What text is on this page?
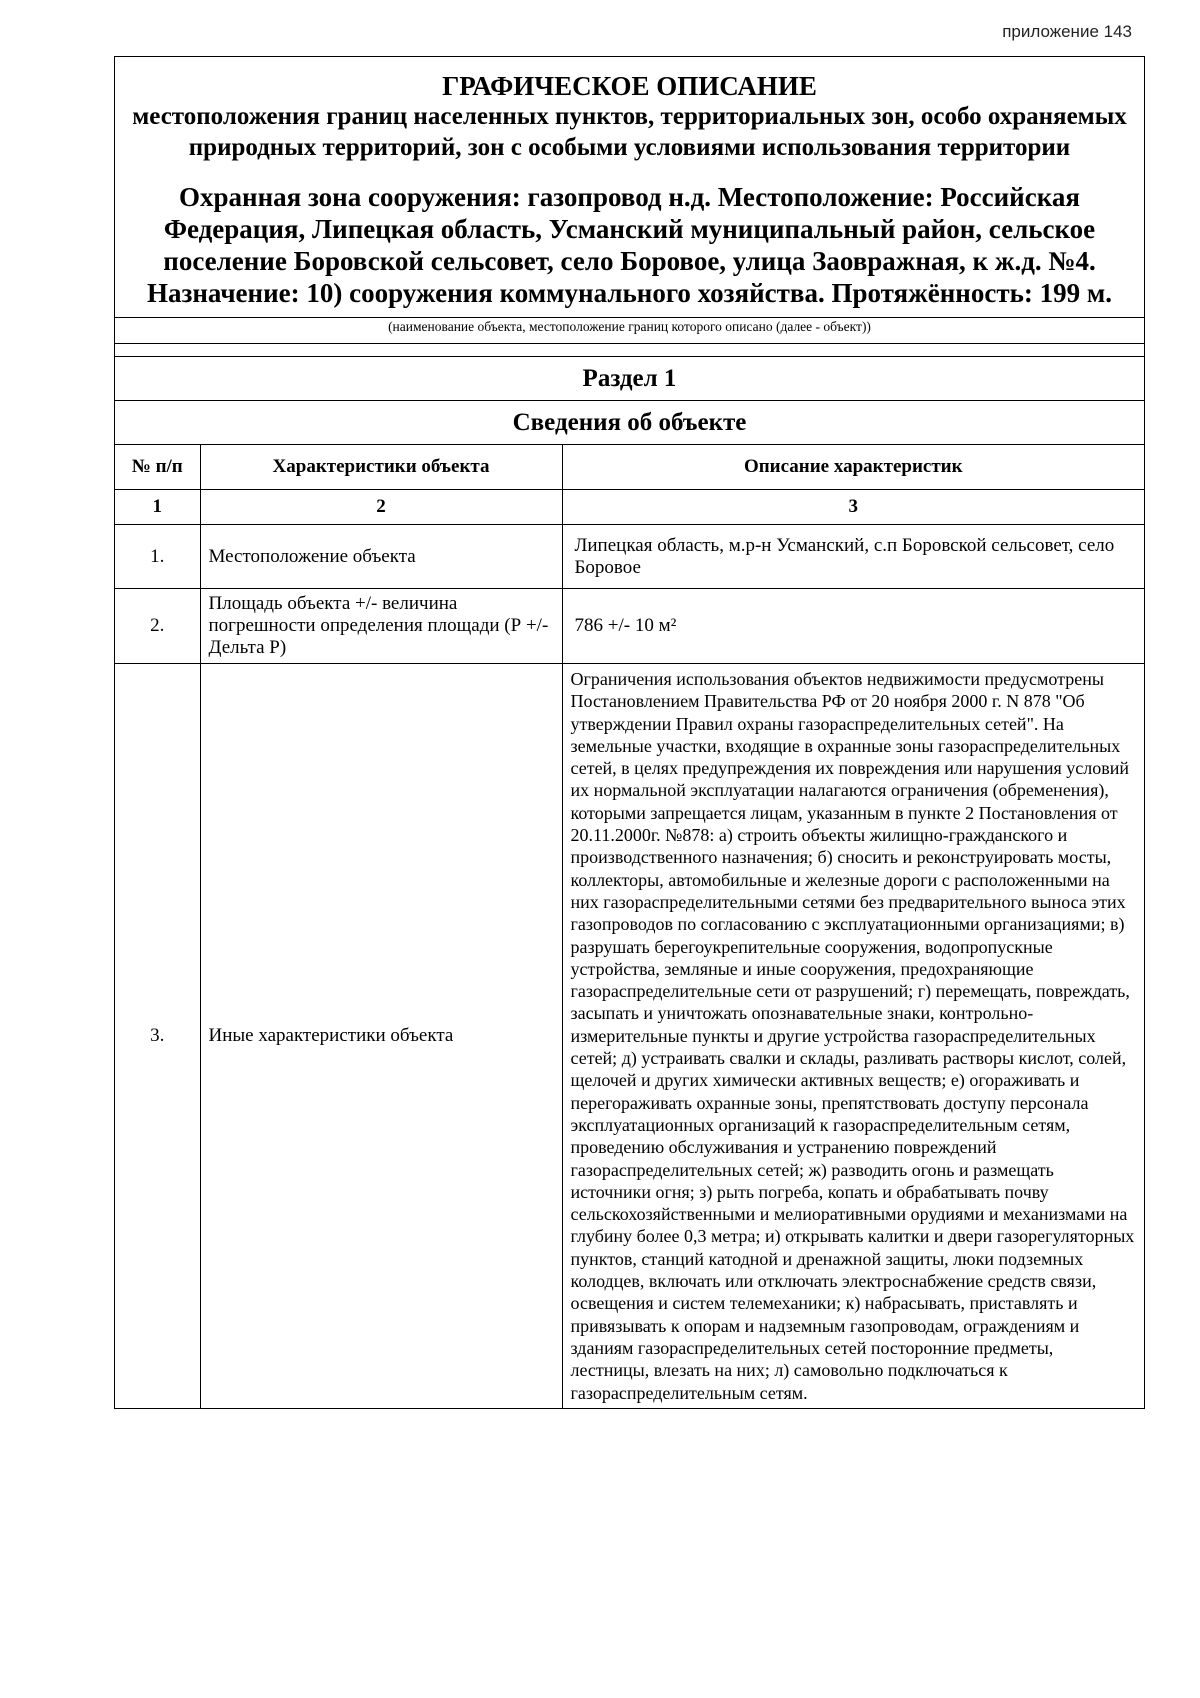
приложение 143
ГРАФИЧЕСКОЕ ОПИСАНИЕ
местоположения границ населенных пунктов, территориальных зон, особо охраняемых природных территорий, зон с особыми условиями использования территории
Охранная зона сооружения: газопровод н.д. Местоположение: Российская Федерация, Липецкая область, Усманский муниципальный район, сельское поселение Боровской сельсовет, село Боровое, улица Заовражная, к ж.д. №4. Назначение: 10) сооружения коммунального хозяйства. Протяжённость: 199 м.
(наименование объекта, местоположение границ которого описано (далее - объект))
Раздел 1
Сведения об объекте
№ п/п	Характеристики объекта	Описание характеристик
1	2	3
1.	Местоположение объекта	Липецкая область, м.р-н Усманский, с.п Боровской сельсовет, село Боровое
2.	Площадь объекта +/- величина погрешности определения площади (Р +/- Дельта Р)	786 +/- 10 м²
3.	Иные характеристики объекта	Ограничения использования объектов недвижимости предусмотрены Постановлением Правительства РФ от 20 ноября 2000 г. N 878 "Об утверждении Правил охраны газораспределительных сетей". На земельные участки, входящие в охранные зоны газораспределительных сетей, в целях предупреждения их повреждения или нарушения условий их нормальной эксплуатации налагаются ограничения (обременения), которыми запрещается лицам, указанным в пункте 2 Постановления от 20.11.2000г. №878: а) строить объекты жилищно-гражданского и производственного назначения; б) сносить и реконструировать мосты, коллекторы, автомобильные и железные дороги с расположенными на них газораспределительными сетями без предварительного выноса этих газопроводов по согласованию с эксплуатационными организациями; в) разрушать берегоукрепительные сооружения, водопропускные устройства, земляные и иные сооружения, предохраняющие газораспределительные сети от разрушений; г) перемещать, повреждать, засыпать и уничтожать опознавательные знаки, контрольно-измерительные пункты и другие устройства газораспределительных сетей; д) устраивать свалки и склады, разливать растворы кислот, солей, щелочей и других химически активных веществ; е) огораживать и перегораживать охранные зоны, препятствовать доступу персонала эксплуатационных организаций к газораспределительным сетям, проведению обслуживания и устранению повреждений газораспределительных сетей; ж) разводить огонь и размещать источники огня; з) рыть погреба, копать и обрабатывать почву сельскохозяйственными и мелиоративными орудиями и механизмами на глубину более 0,3 метра; и) открывать калитки и двери газорегуляторных пунктов, станций катодной и дренажной защиты, люки подземных колодцев, включать или отключать электроснабжение средств связи, освещения и систем телемеханики; к) набрасывать, приставлять и привязывать к опорам и надземным газопроводам, ограждениям и зданиям газораспределительных сетей посторонние предметы, лестницы, влезать на них; л) самовольно подключаться к газораспределительным сетям.
